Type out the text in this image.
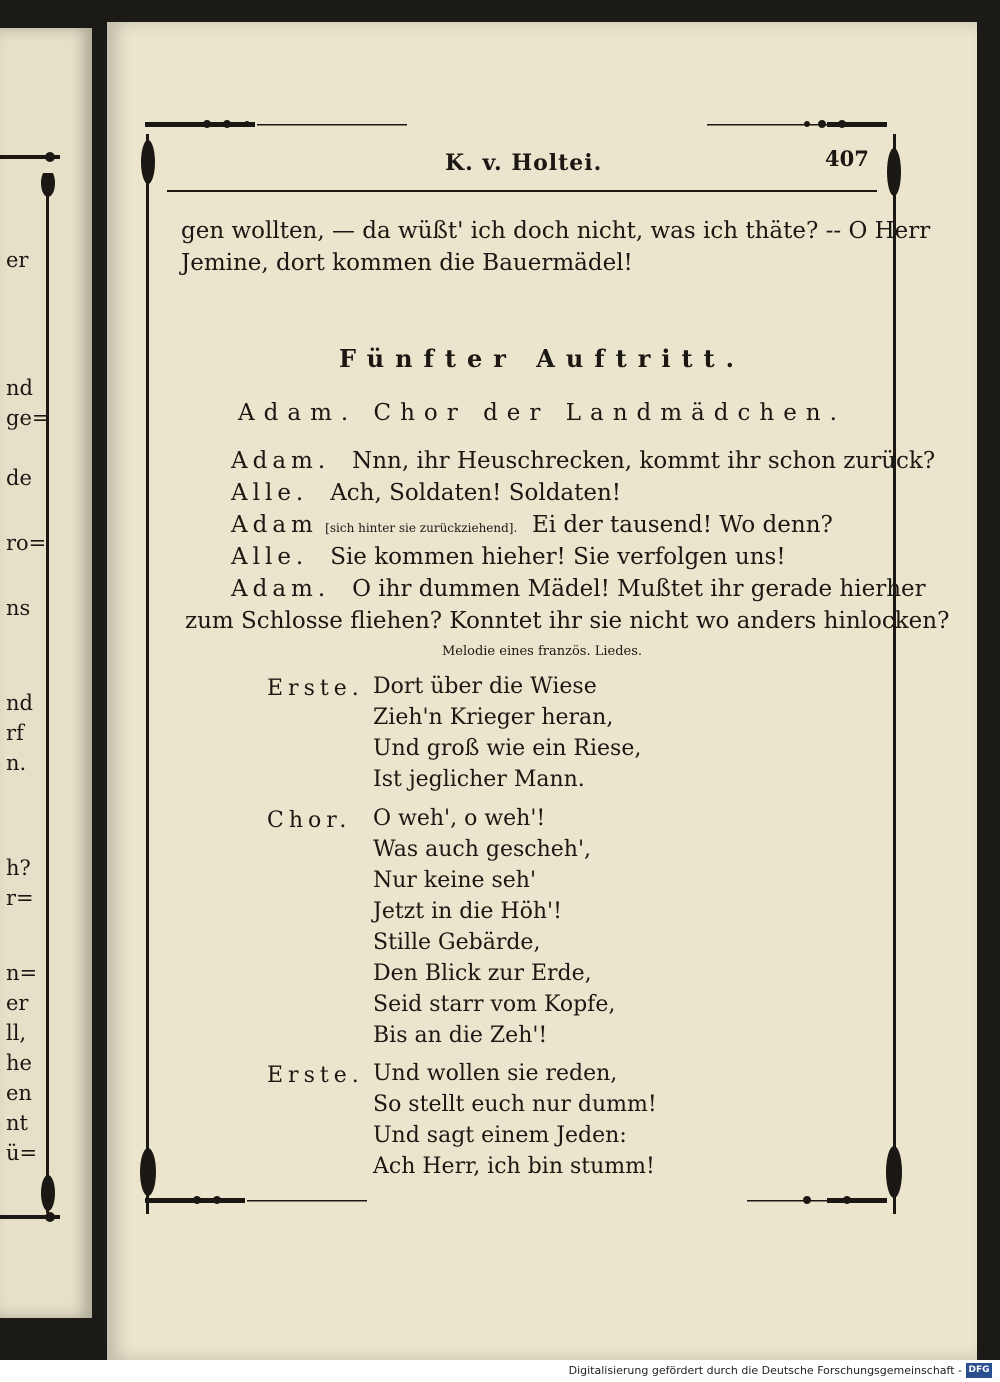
er
nd
ge=
de
ro=
ns
nd
rf
n.
h?
r=
n=
er
ll,
he
en
nt
ü=
K. v. Holtei.	407
gen wollten, — da wüßt' ich doch nicht, was ich thäte? -- O Herr
Jemine, dort kommen die Bauermädel!
Fünfter Auftritt.
Adam. Chor der Landmädchen.
Adam. Nnn, ihr Heuschrecken, kommt ihr schon zurück?
Alle. Ach, Soldaten! Soldaten!
Adam [sich hinter sie zurückziehend]. Ei der tausend! Wo denn?
Alle. Sie kommen hieher! Sie verfolgen uns!
Adam. O ihr dummen Mädel! Mußtet ihr gerade hierher
zum Schlosse fliehen? Konntet ihr sie nicht wo anders hinlocken?
Melodie eines französ. Liedes.
Erste. Dort über die Wiese
Zieh'n Krieger heran,
Und groß wie ein Riese,
Ist jeglicher Mann.
Chor. O weh', o weh'!
Was auch gescheh',
Nur keine seh'
Jetzt in die Höh'!
Stille Gebärde,
Den Blick zur Erde,
Seid starr vom Kopfe,
Bis an die Zeh'!
Erste. Und wollen sie reden,
So stellt euch nur dumm!
Und sagt einem Jeden:
Ach Herr, ich bin stumm!
Digitalisierung gefördert durch die Deutsche Forschungsgemeinschaft - DFG
